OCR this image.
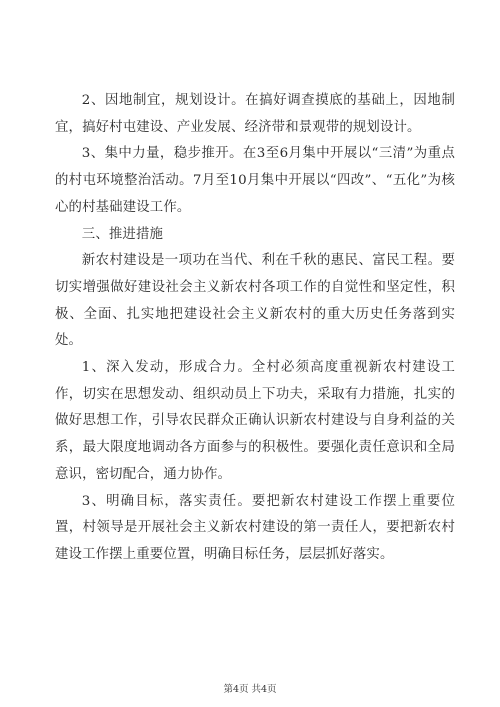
2、因地制宜，规划设计。在搞好调查摸底的基础上，因地制宜，搞好村屯建设、产业发展、经济带和景观带的规划设计。

3、集中力量，稳步推开。在3至6月集中开展以“三清”为重点的村屯环境整治活动。7月至10月集中开展以“四改”、“五化”为核心的村基础建设工作。

三、推进措施

新农村建设是一项功在当代、利在千秋的惠民、富民工程。要切实增强做好建设社会主义新农村各项工作的自觉性和坚定性，积极、全面、扎实地把建设社会主义新农村的重大历史任务落到实处。

1、深入发动，形成合力。全村必须高度重视新农村建设工作，切实在思想发动、组织动员上下功夫，采取有力措施，扎实的做好思想工作，引导农民群众正确认识新农村建设与自身利益的关系，最大限度地调动各方面参与的积极性。要强化责任意识和全局意识，密切配合，通力协作。

3、明确目标，落实责任。要把新农村建设工作摆上重要位置，村领导是开展社会主义新农村建设的第一责任人，要把新农村建设工作摆上重要位置，明确目标任务，层层抓好落实。

第4页 共4页
